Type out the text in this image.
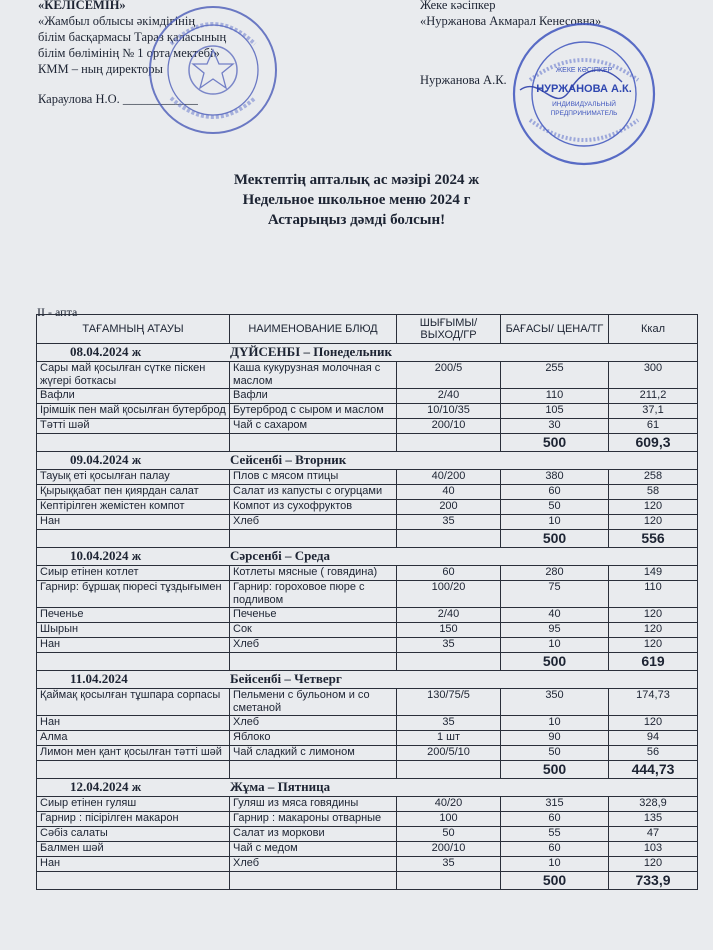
«КЕЛІСЕМІН»
«Жамбыл облысы әкімдігінің
білім басқармасы Тараз қаласының
білім бөлімінің № 1 орта мектебі»
КММ – ның директоры
Караулова Н.О. ____________
Жеке кәсіпкер
«Нуржанова Акмарал Кенесовна»
Нуржанова А.К.
ЖЕКЕ КӘСІПКЕР
НУРЖАНОВА А.К.
ИНДИВИДУАЛЬНЫЙ
ПРЕДПРИНИМАТЕЛЬ
Мектептің апталық ас мәзірі 2024 ж
Недельное школьное меню 2024 г
Астарыңыз дәмді болсын!
II - апта
ТАҒАМНЫҢ АТАУЫ	НАИМЕНОВАНИЕ БЛЮД	ШЫҒЫМЫ/ ВЫХОД/ГР	БАҒАСЫ/ ЦЕНА/ТГ	Ккал
08.04.2024 ж ДҮЙСЕНБІ – Понедельник				
Сары май қосылған сүтке піскен жүгері боткасы	Каша кукурузная молочная с маслом	200/5	255	300
Вафли	Вафли	2/40	110	211,2
Ірімшік пен май қосылған бутерброд	Бутерброд с сыром и маслом	10/10/35	105	37,1
Тәтті шәй	Чай с сахаром	200/10	30	61
			500	609,3
09.04.2024 ж Сейсенбі – Вторник				
Тауық еті қосылған палау	Плов с мясом птицы	40/200	380	258
Қырыққабат пен қиярдан салат	Салат из капусты с огурцами	40	60	58
Кептірілген жемістен компот	Компот из сухофруктов	200	50	120
Нан	Хлеб	35	10	120
			500	556
10.04.2024 ж Сәрсенбі – Среда				
Сиыр етінен котлет	Котлеты мясные ( говядина)	60	280	149
Гарнир: бұршақ пюресі тұздығымен	Гарнир: гороховое пюре с подливом	100/20	75	110
Печенье	Печенье	2/40	40	120
Шырын	Сок	150	95	120
Нан	Хлеб	35	10	120
			500	619
11.04.2024 Бейсенбі – Четверг				
Қаймақ қосылған тұшпара сорпасы	Пельмени с бульоном и со сметаной	130/75/5	350	174,73
Нан	Хлеб	35	10	120
Алма	Яблоко	1 шт	90	94
Лимон мен қант қосылған тәтті шәй	Чай сладкий с лимоном	200/5/10	50	56
			500	444,73
12.04.2024 ж Жұма – Пятница				
Сиыр етінен гуляш	Гуляш из мяса говядины	40/20	315	328,9
Гарнир : пісірілген макарон	Гарнир : макароны отварные	100	60	135
Сәбіз салаты	Салат из моркови	50	55	47
Балмен шәй	Чай с медом	200/10	60	103
Нан	Хлеб	35	10	120
			500	733,9
